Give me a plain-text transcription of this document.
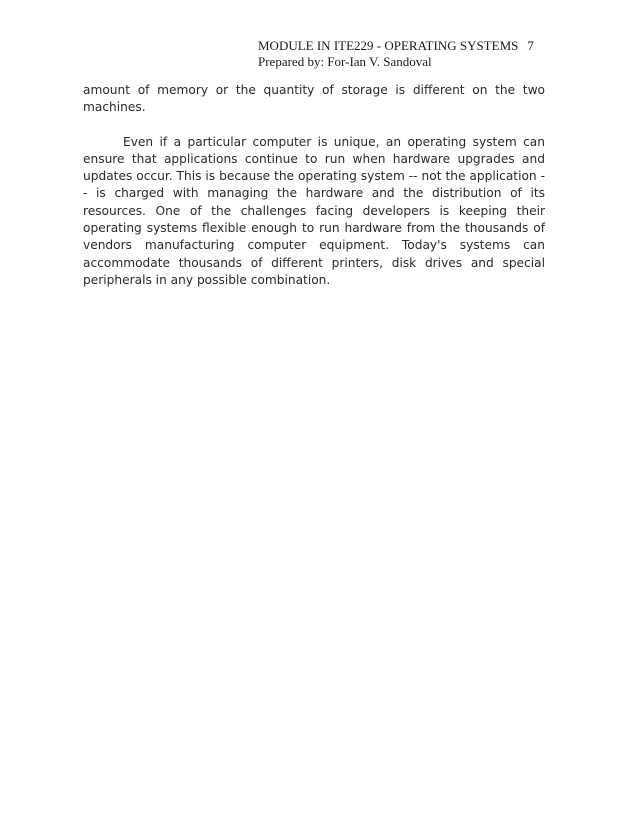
MODULE IN ITE229 - OPERATING SYSTEMS 7
Prepared by: For-Ian V. Sandoval

amount of memory or the quantity of storage is different on the two machines.

Even if a particular computer is unique, an operating system can ensure that applications continue to run when hardware upgrades and updates occur. This is because the operating system -- not the application -- is charged with managing the hardware and the distribution of its resources. One of the challenges facing developers is keeping their operating systems flexible enough to run hardware from the thousands of vendors manufacturing computer equipment. Today's systems can accommodate thousands of different printers, disk drives and special peripherals in any possible combination.
